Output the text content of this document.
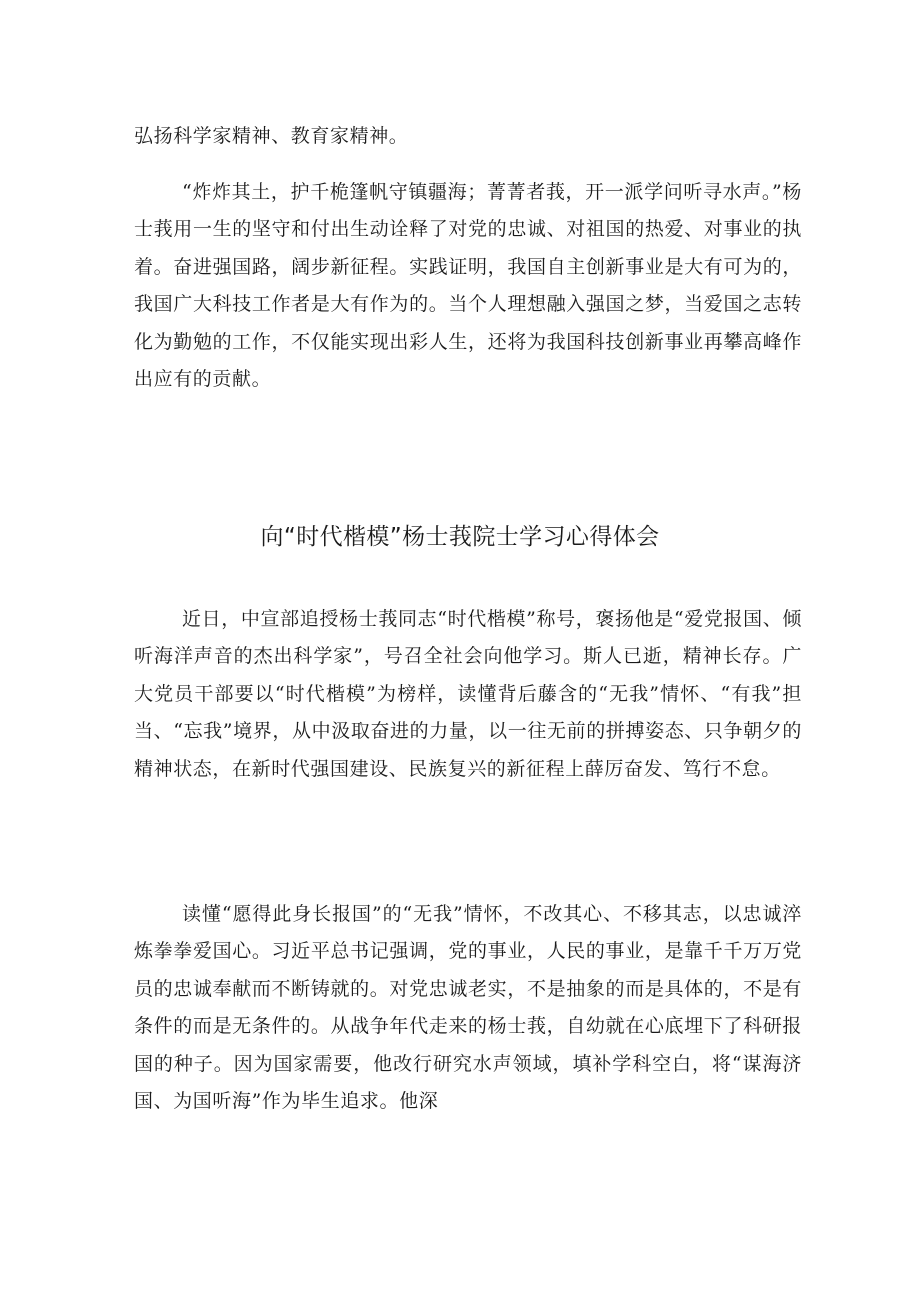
弘扬科学家精神、教育家精神。

“炸炸其土，护千桅篷帆守镇疆海；菁菁者莪，开一派学问听寻水声。”杨士莪用一生的坚守和付出生动诠释了对党的忠诚、对祖国的热爱、对事业的执着。奋进强国路，阔步新征程。实践证明，我国自主创新事业是大有可为的，我国广大科技工作者是大有作为的。当个人理想融入强国之梦，当爱国之志转化为勤勉的工作，不仅能实现出彩人生，还将为我国科技创新事业再攀高峰作出应有的贡献。

向“时代楷模”杨士莪院士学习心得体会

近日，中宣部追授杨士莪同志“时代楷模”称号，褒扬他是“爱党报国、倾听海洋声音的杰出科学家”，号召全社会向他学习。斯人已逝，精神长存。广大党员干部要以“时代楷模”为榜样，读懂背后藤含的“无我”情怀、“有我”担当、“忘我”境界，从中汲取奋进的力量，以一往无前的拼搏姿态、只争朝夕的精神状态，在新时代强国建设、民族复兴的新征程上薛厉奋发、笃行不怠。

读懂“愿得此身长报国”的“无我”情怀，不改其心、不移其志，以忠诚淬炼拳拳爱国心。习近平总书记强调，党的事业，人民的事业，是靠千千万万党员的忠诚奉献而不断铸就的。对党忠诚老实，不是抽象的而是具体的，不是有条件的而是无条件的。从战争年代走来的杨士莪，自幼就在心底埋下了科研报国的种子。因为国家需要，他改行研究水声领域，填补学科空白，将“谋海济国、为国听海”作为毕生追求。他深
